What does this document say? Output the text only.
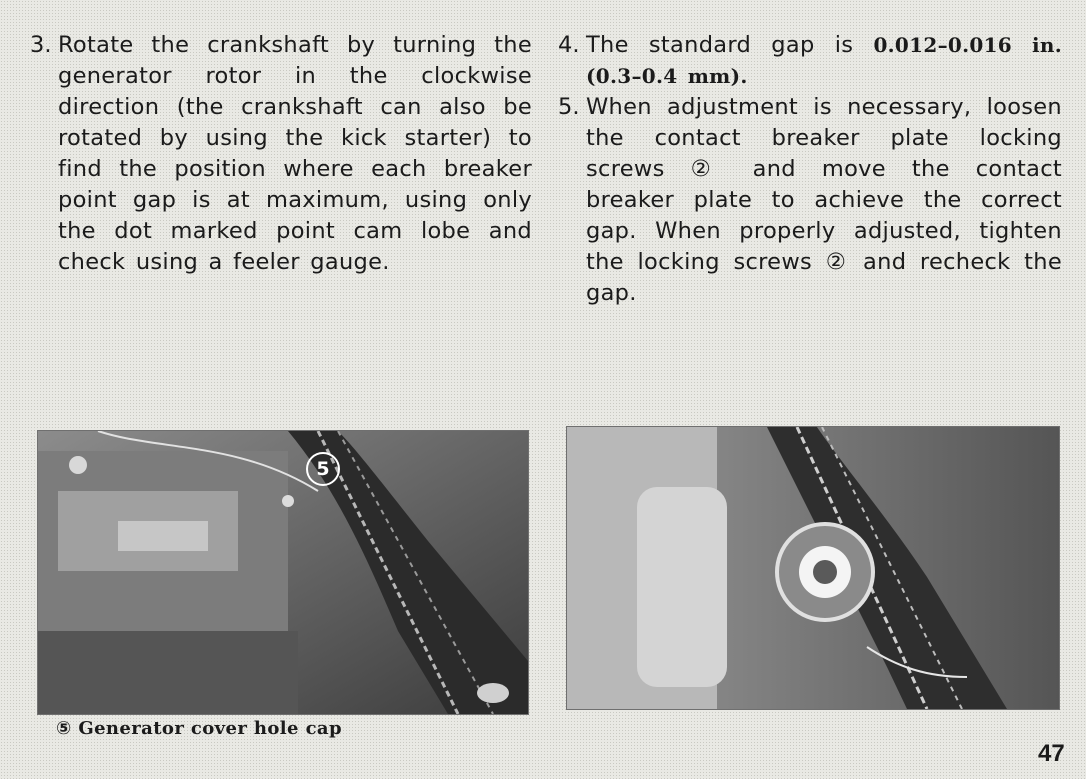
3. Rotate the crankshaft by turning the generator rotor in the clockwise direction (the crankshaft can also be rotated by using the kick starter) to find the position where each breaker point gap is at maximum, using only the dot marked point cam lobe and check using a feeler gauge.
4. The standard gap is 0.012–0.016 in. (0.3–0.4 mm).
5. When adjustment is necessary, loosen the contact breaker plate locking screws ② and move the contact breaker plate to achieve the correct gap. When properly adjusted, tighten the locking screws ② and recheck the gap.
5
⑤ Generator cover hole cap
47
